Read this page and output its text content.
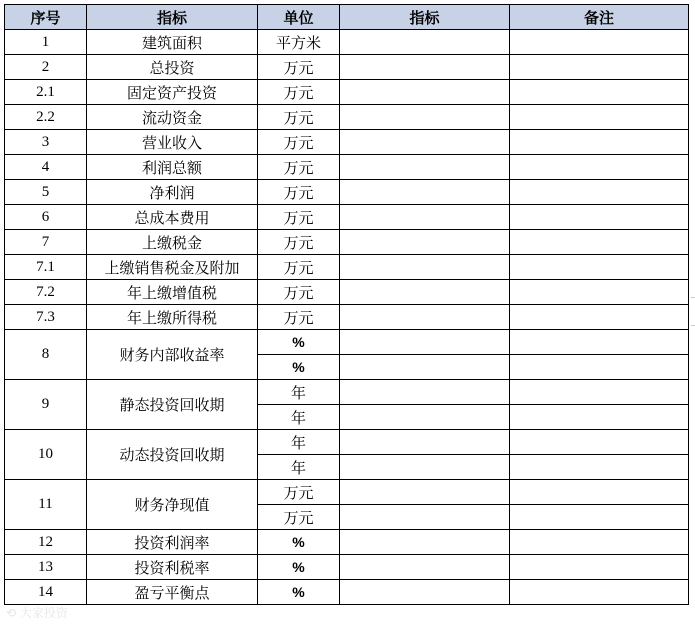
序号	指标	单位	指标	备注
1	建筑面积	平方米		
2	总投资	万元		
2.1	固定资产投资	万元		
2.2	流动资金	万元		
3	营业收入	万元		
4	利润总额	万元		
5	净利润	万元		
6	总成本费用	万元		
7	上缴税金	万元		
7.1	上缴销售税金及附加	万元		
7.2	年上缴增值税	万元		
7.3	年上缴所得税	万元		
8	财务内部收益率	%		
		%		
9	静态投资回收期	年		
		年		
10	动态投资回收期	年		
		年		
11	财务净现值	万元		
		万元		
12	投资利润率	%		
13	投资利税率	%		
14	盈亏平衡点	%		
⟲ 大家投资
